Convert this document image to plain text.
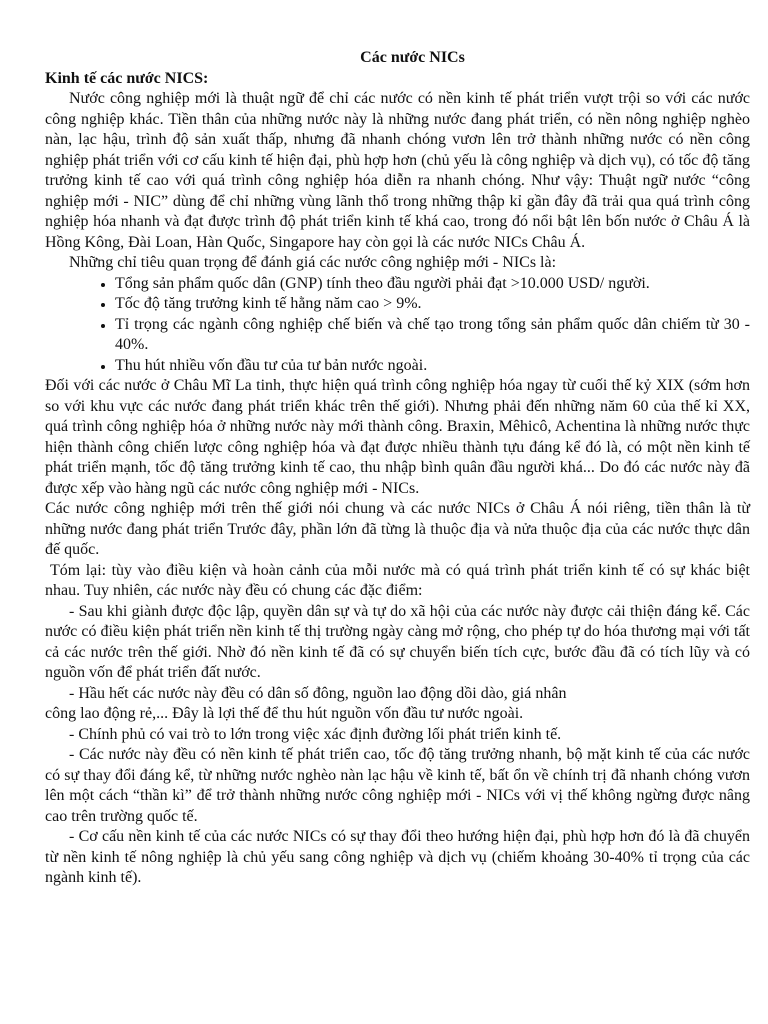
Các nước NICs

Kinh tế các nước NICS:

Nước công nghiệp mới là thuật ngữ để chỉ các nước có nền kinh tế phát triển vượt trội so với các nước công nghiệp khác. Tiền thân của những nước này là những nước đang phát triển, có nền nông nghiệp nghèo nàn, lạc hậu, trình độ sản xuất thấp, nhưng đã nhanh chóng vươn lên trở thành những nước có nền công nghiệp phát triển với cơ cấu kinh tế hiện đại, phù hợp hơn (chủ yếu là công nghiệp và dịch vụ), có tốc độ tăng trưởng kinh tế cao với quá trình công nghiệp hóa diễn ra nhanh chóng. Như vậy: Thuật ngữ nước “công nghiệp mới - NIC” dùng để chỉ những vùng lãnh thổ trong những thập kỉ gần đây đã trải qua quá trình công nghiệp hóa nhanh và đạt được trình độ phát triển kinh tế khá cao, trong đó nổi bật lên bốn nước ở Châu Á là Hồng Kông, Đài Loan, Hàn Quốc, Singapore hay còn gọi là các nước NICs Châu Á.

Những chỉ tiêu quan trọng để đánh giá các nước công nghiệp mới - NICs là:

• Tổng sản phẩm quốc dân (GNP) tính theo đầu người phải đạt >10.000 USD/ người.
• Tốc độ tăng trưởng kinh tế hằng năm cao > 9%.
• Tỉ trọng các ngành công nghiệp chế biến và chế tạo trong tổng sản phẩm quốc dân chiếm từ 30 - 40%.
• Thu hút nhiều vốn đầu tư của tư bản nước ngoài.

Đối với các nước ở Châu Mĩ La tinh, thực hiện quá trình công nghiệp hóa ngay từ cuối thế kỷ XIX (sớm hơn so với khu vực các nước đang phát triển khác trên thế giới). Nhưng phải đến những năm 60 của thế kỉ XX, quá trình công nghiệp hóa ở những nước này mới thành công. Braxin, Mêhicô, Achentina là những nước thực hiện thành công chiến lược công nghiệp hóa và đạt được nhiều thành tựu đáng kể đó là, có một nền kinh tế phát triển mạnh, tốc độ tăng trưởng kinh tế cao, thu nhập bình quân đầu người khá... Do đó các nước này đã được xếp vào hàng ngũ các nước công nghiệp mới - NICs.

Các nước công nghiệp mới trên thế giới nói chung và các nước NICs ở Châu Á nói riêng, tiền thân là từ những nước đang phát triển Trước đây, phần lớn đã từng là thuộc địa và nửa thuộc địa của các nước thực dân đế quốc.

Tóm lại: tùy vào điều kiện và hoàn cảnh của mỗi nước mà có quá trình phát triển kinh tế có sự khác biệt nhau. Tuy nhiên, các nước này đều có chung các đặc điểm:

- Sau khi giành được độc lập, quyền dân sự và tự do xã hội của các nước này được cải thiện đáng kể. Các nước có điều kiện phát triển nền kinh tế thị trường ngày càng mở rộng, cho phép tự do hóa thương mại với tất cả các nước trên thế giới. Nhờ đó nền kinh tế đã có sự chuyển biến tích cực, bước đầu đã có tích lũy và có nguồn vốn để phát triển đất nước.

- Hầu hết các nước này đều có dân số đông, nguồn lao động dồi dào, giá nhân

công lao động rẻ,... Đây là lợi thế để thu hút nguồn vốn đầu tư nước ngoài.

- Chính phủ có vai trò to lớn trong việc xác định đường lối phát triển kinh tế.

- Các nước này đều có nền kinh tế phát triển cao, tốc độ tăng trưởng nhanh, bộ mặt kinh tế của các nước có sự thay đổi đáng kể, từ những nước nghèo nàn lạc hậu về kinh tế, bất ổn về chính trị đã nhanh chóng vươn lên một cách “thần kì” để trở thành những nước công nghiệp mới - NICs với vị thế không ngừng được nâng cao trên trường quốc tế.

- Cơ cấu nền kinh tế của các nước NICs có sự thay đổi theo hướng hiện đại, phù hợp hơn đó là đã chuyển từ nền kinh tế nông nghiệp là chủ yếu sang công nghiệp và dịch vụ (chiếm khoảng 30-40% tỉ trọng của các ngành kinh tế).
